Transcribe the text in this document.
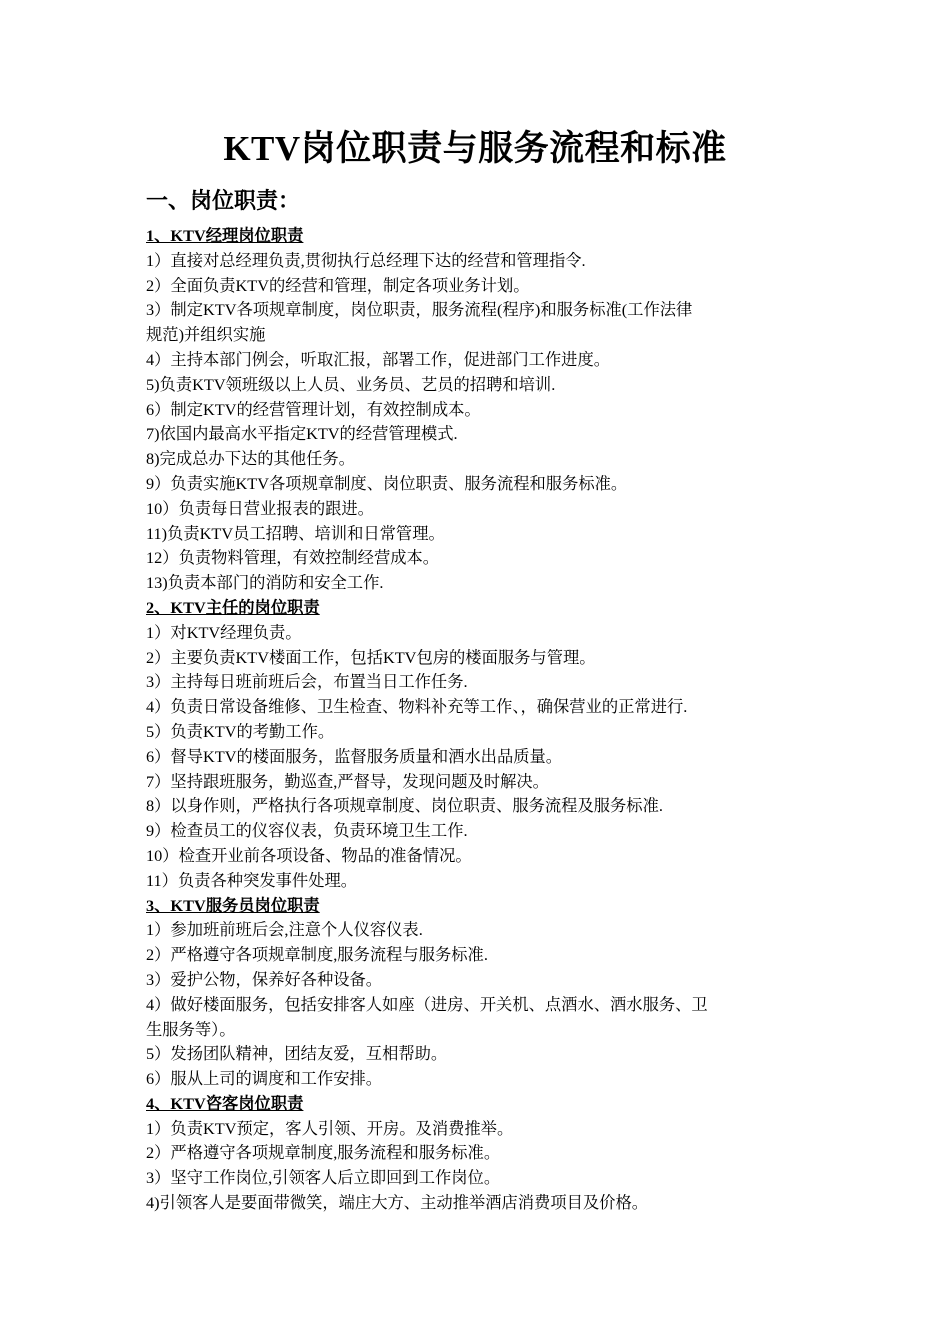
KTV岗位职责与服务流程和标准
一、岗位职责：
1、KTV经理岗位职责
1）直接对总经理负责,贯彻执行总经理下达的经营和管理指令.
2）全面负责KTV的经营和管理，制定各项业务计划。
3）制定KTV各项规章制度，岗位职责，服务流程(程序)和服务标准(工作法律
规范)并组织实施
4）主持本部门例会，听取汇报，部署工作，促进部门工作进度。
5)负责KTV领班级以上人员、业务员、艺员的招聘和培训.
6）制定KTV的经营管理计划，有效控制成本。
7)依国内最高水平指定KTV的经营管理模式.
8)完成总办下达的其他任务。
9）负责实施KTV各项规章制度、岗位职责、服务流程和服务标准。
10）负责每日营业报表的跟进。
11)负责KTV员工招聘、培训和日常管理。
12）负责物料管理，有效控制经营成本。
13)负责本部门的消防和安全工作.
2、KTV主任的岗位职责
1）对KTV经理负责。
2）主要负责KTV楼面工作，包括KTV包房的楼面服务与管理。
3）主持每日班前班后会，布置当日工作任务.
4）负责日常设备维修、卫生检查、物料补充等工作、，确保营业的正常进行.
5）负责KTV的考勤工作。
6）督导KTV的楼面服务，监督服务质量和酒水出品质量。
7）坚持跟班服务，勤巡查,严督导，发现问题及时解决。
8）以身作则，严格执行各项规章制度、岗位职责、服务流程及服务标准.
9）检查员工的仪容仪表，负责环境卫生工作.
10）检查开业前各项设备、物品的准备情况。
11）负责各种突发事件处理。
3、KTV服务员岗位职责
1）参加班前班后会,注意个人仪容仪表.
2）严格遵守各项规章制度,服务流程与服务标准.
3）爱护公物，保养好各种设备。
4）做好楼面服务，包括安排客人如座（进房、开关机、点酒水、酒水服务、卫
生服务等）。
5）发扬团队精神，团结友爱，互相帮助。
6）服从上司的调度和工作安排。
4、KTV咨客岗位职责
1）负责KTV预定，客人引领、开房。及消费推举。
2）严格遵守各项规章制度,服务流程和服务标准。
3）坚守工作岗位,引领客人后立即回到工作岗位。
4)引领客人是要面带微笑，端庄大方、主动推举酒店消费项目及价格。
